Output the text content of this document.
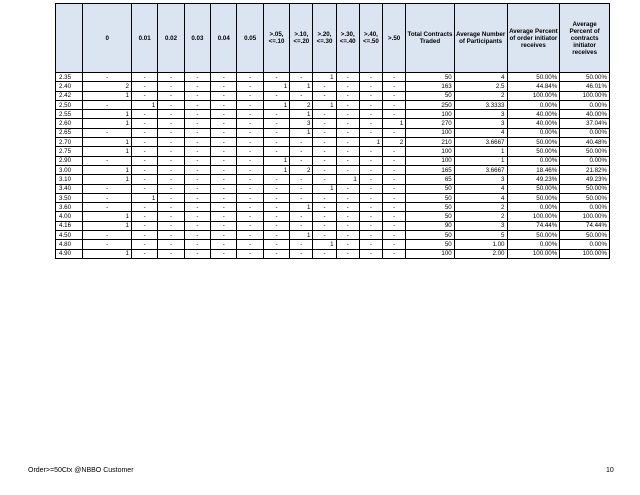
	0	0.01	0.02	0.03	0.04	0.05	>.05, <=.10	>.10, <=.20	>.20, <=.30	>.30, <=.40	>.40, <=.50	>.50	Total Contracts Traded	Average Number of Participants	Average Percent of order initiator receives	Average Percent of contracts initiator receives
2.35	-	-	-	-	-	-	-	-	1	-	-	-	50	4	50.00%	50.00%
2.40	2	-	-	-	-	-	1	1	-	-	-	-	163	2.5	44.84%	46.01%
2.42	1	-	-	-	-	-	-	-	-	-	-	-	50	2	100.00%	100.00%
2.50	-	1	-	-	-	-	1	2	1	-	-	-	250	3.3333	0.00%	0.00%
2.55	1	-	-	-	-	-	-	1	-	-	-	-	100	3	40.00%	40.00%
2.60	1	-	-	-	-	-	-	3	-	-	-	1	270	3	40.00%	37.04%
2.65	-	-	-	-	-	-	-	1	-	-	-	-	100	4	0.00%	0.00%
2.70	1	-	-	-	-	-	-	-	-	-	1	2	210	3.6667	50.00%	40.48%
2.75	1	-	-	-	-	-	-	-	-	-	-	-	100	1	50.00%	50.00%
2.90	-	-	-	-	-	-	1	-	-	-	-	-	100	1	0.00%	0.00%
3.00	1	-	-	-	-	-	1	2	-	-	-	-	165	3.6667	18.46%	21.82%
3.10	1	-	-	-	-	-	-	-	-	1	-	-	65	3	49.23%	49.23%
3.40	-	-	-	-	-	-	-	-	1	-	-	-	50	4	50.00%	50.00%
3.50	-	1	-	-	-	-	-	-	-	-	-	-	50	4	50.00%	50.00%
3.60	-	-	-	-	-	-	-	1	-	-	-	-	50	2	0.00%	0.00%
4.00	1	-	-	-	-	-	-	-	-	-	-	-	50	2	100.00%	100.00%
4.16	1	-	-	-	-	-	-	-	-	-	-	-	90	3	74.44%	74.44%
4.50	-	-	-	-	-	-	-	1	-	-	-	-	50	5	50.00%	50.00%
4.80	-	-	-	-	-	-	-	-	1	-	-	-	50	1.00	0.00%	0.00%
4.90	1	-	-	-	-	-	-	-	-	-	-	-	100	2.00	100.00%	100.00%
Order>=50Ctx @NBBO Customer	10
